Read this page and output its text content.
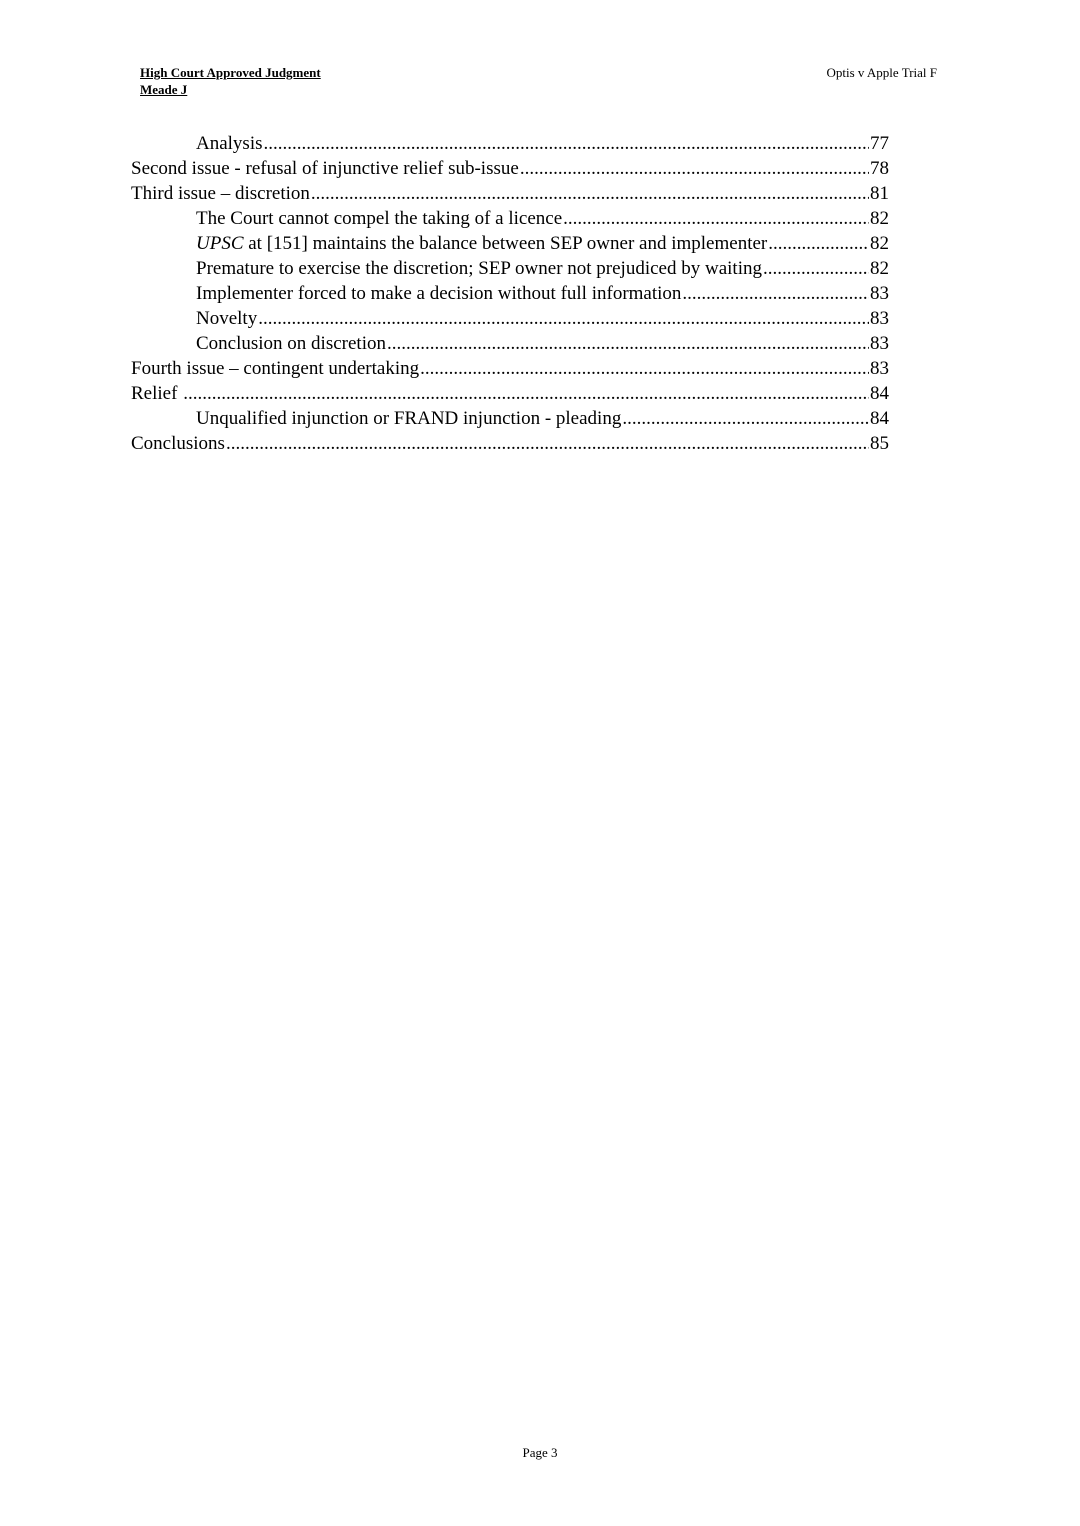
High Court Approved Judgment
Meade J
Optis v Apple Trial F
Analysis .....	77
Second issue - refusal of injunctive relief sub-issue .....	78
Third issue – discretion .....	81
The Court cannot compel the taking of a licence .....	82
UPSC at [151] maintains the balance between SEP owner and implementer .....	82
Premature to exercise the discretion; SEP owner not prejudiced by waiting .....	82
Implementer forced to make a decision without full information .....	83
Novelty .....	83
Conclusion on discretion .....	83
Fourth issue – contingent undertaking .....	83
Relief .....	84
Unqualified injunction or FRAND injunction - pleading .....	84
Conclusions .....	85
Page 3
